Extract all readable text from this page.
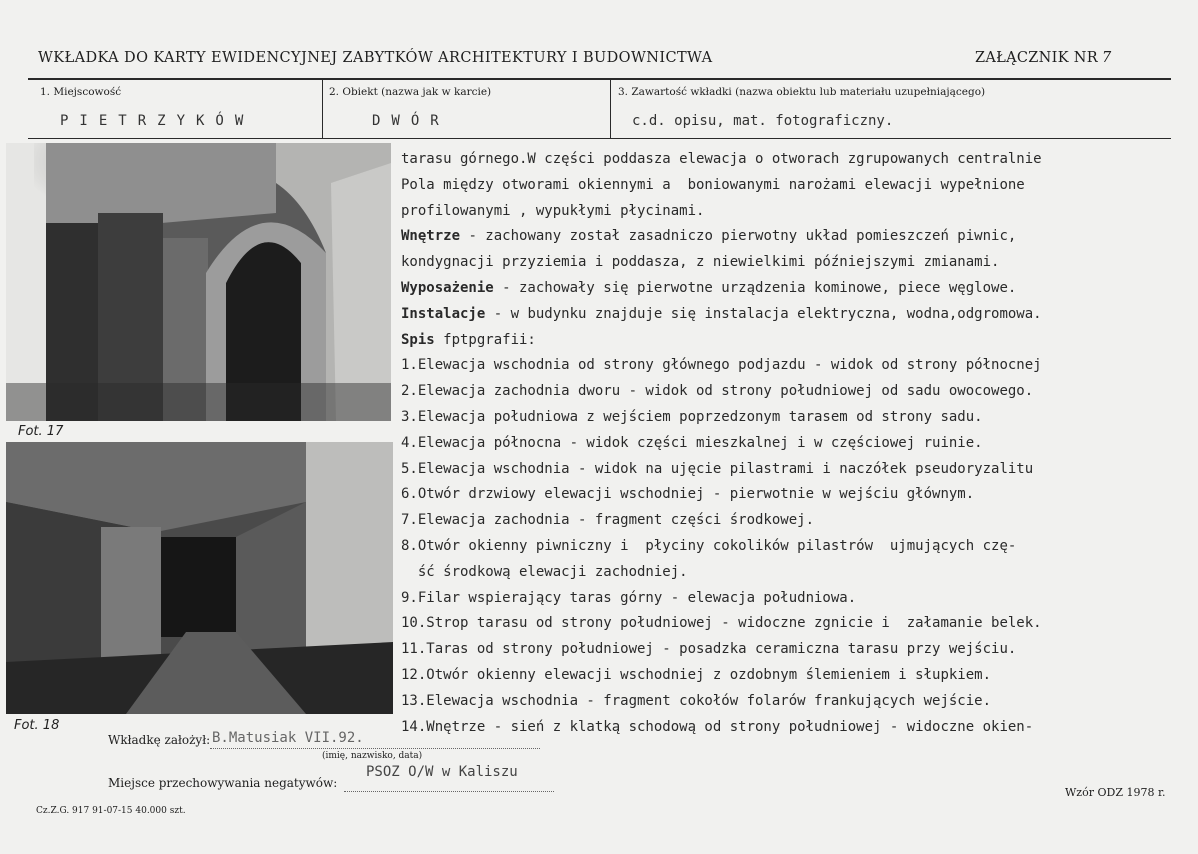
WKŁADKA DO KARTY EWIDENCYJNEJ ZABYTKÓW ARCHITEKTURY I BUDOWNICTWA	ZAŁĄCZNIK NR 7
1. Miejscowość
PIETRZYKÓW
2. Obiekt (nazwa jak w karcie)
DWÓR
3. Zawartość wkładki (nazwa obiektu lub materiału uzupełniającego)
c.d. opisu, mat. fotograficzny.
Fot. 17
Fot. 18
tarasu górnego.W części poddasza elewacja o otworach zgrupowanych centralnie
Pola między otworami okiennymi a  boniowanymi narożami elewacji wypełnione
profilowanymi , wypukłymi płycinami.
Wnętrze - zachowany został zasadniczo pierwotny układ pomieszczeń piwnic,
kondygnacji przyziemia i poddasza, z niewielkimi późniejszymi zmianami.
Wyposażenie - zachowały się pierwotne urządzenia kominowe, piece węglowe.
Instalacje - w budynku znajduje się instalacja elektryczna, wodna,odgromowa.
Spis fptpgrafii:
1.Elewacja wschodnia od strony głównego podjazdu - widok od strony północnej
2.Elewacja zachodnia dworu - widok od strony południowej od sadu owocowego.
3.Elewacja południowa z wejściem poprzedzonym tarasem od strony sadu.
4.Elewacja północna - widok części mieszkalnej i w częściowej ruinie.
5.Elewacja wschodnia - widok na ujęcie pilastrami i naczółek pseudoryzalitu
6.Otwór drzwiowy elewacji wschodniej - pierwotnie w wejściu głównym.
7.Elewacja zachodnia - fragment części środkowej.
8.Otwór okienny piwniczny i  płyciny cokolików pilastrów  ujmujących czę-
ść środkową elewacji zachodniej.
9.Filar wspierający taras górny - elewacja południowa.
10.Strop tarasu od strony południowej - widoczne zgnicie i  załamanie belek.
11.Taras od strony południowej - posadzka ceramiczna tarasu przy wejściu.
12.Otwór okienny elewacji wschodniej z ozdobnym ślemieniem i słupkiem.
13.Elewacja wschodnia - fragment cokołów folarów frankujących wejście.
14.Wnętrze - sień z klatką schodową od strony południowej - widoczne okien-
Wkładkę założył: B.Matusiak VII.92.
(imię, nazwisko, data)
Miejsce przechowywania negatywów:
PSOZ O/W w Kaliszu
Cz.Z.G. 917 91-07-15 40.000 szt.
Wzór ODZ 1978 r.
